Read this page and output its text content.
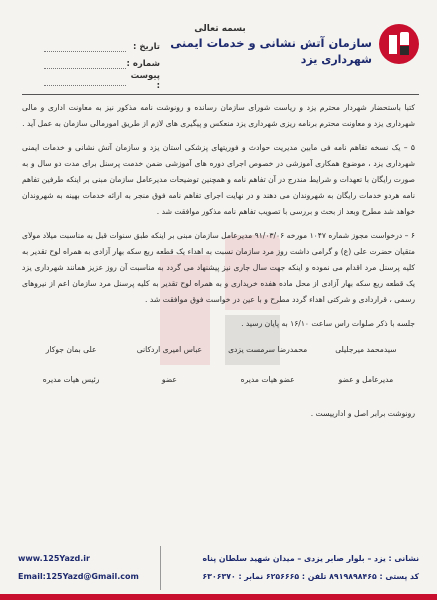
بسمه تعالی
سازمان آتش نشانی و خدمات ایمنی
شهرداری یزد
تاریخ :
شماره :
پیوست :

کتبا باستحضار شهردار محترم یزد و ریاست شورای سازمان رسانده و رونوشت نامه مذکور نیز به معاونت اداری و مالی شهرداری یزد و معاونت محترم برنامه ریزی شهرداری یزد منعکس و پیگیری های لازم از طریق امورمالی سازمان به عمل آید .

۵ – یک نسخه تفاهم نامه فی مابین مدیریت حوادث و فوریتهای پزشکی استان یزد و سازمان آتش نشانی و خدمات ایمنی شهرداری یزد ، موضوع همکاری آموزشی در خصوص اجرای دوره های آموزشی ضمن خدمت پرسنل برای مدت دو سال و به صورت رایگان با تعهدات و شرایط مندرج در آن تفاهم نامه و همچنین توضیحات مدیرعامل سازمان مبنی بر اینکه طرفین تفاهم نامه هردو خدمات رایگان به شهروندان می دهند و در نهایت اجرای تفاهم نامه فوق منجر به ارائه خدمات بهینه به شهروندان خواهد شد مطرح وبعد از بحث و بررسی با تصویب تفاهم نامه مذکور موافقت شد .

۶ – درخواست مجوز شماره ۱۰۴۷ مورخه ۹۱/۰۳/۰۶ مدیرعامل سازمان مبنی بر اینکه طبق سنوات قبل به مناسبت میلاد مولای متقیان حضرت علی (ع) و گرامی داشت روز مرد سازمان نسبت به اهداء یک قطعه ربع سکه بهار آزادی به همراه لوح تقدیر به کلیه پرسنل مرد اقدام می نموده و اینکه جهت سال جاری نیز پیشنهاد می گردد به مناسبت آن روز عزیز همانند شهرداری یزد یک قطعه ربع سکه بهار آزادی از محل ماده هفده خریداری و به همراه لوح تقدیر به کلیه پرسنل مرد سازمان اعم از نیروهای رسمی ، قراردادی و شرکتی اهداء گردد مطرح و با عین در خواست فوق موافقت شد .

جلسه با ذکر صلوات راس ساعت ۱۶/۱۰ به پایان رسید .

سیدمحمد میرجلیلی
محمدرضا سرمست یزدی
عباس امیری اردکانی
علی بمان جوکار
مدیرعامل و عضو
عضو هیات مدیره
عضو
رئیس هیات مدیره

رونوشت برابر اصل و ادارییست .

www.125Yazd.ir
Email:125Yazd@Gmail.com
نشانی : یزد – بلوار صابر یزدی – میدان شهید سلطان پناه
کد پستی : ۸۹۱۹۸۹۸۴۶۵ تلفن : ۶۲۵۶۶۶۵ نمابر : ۶۳۰۶۳۷۰
